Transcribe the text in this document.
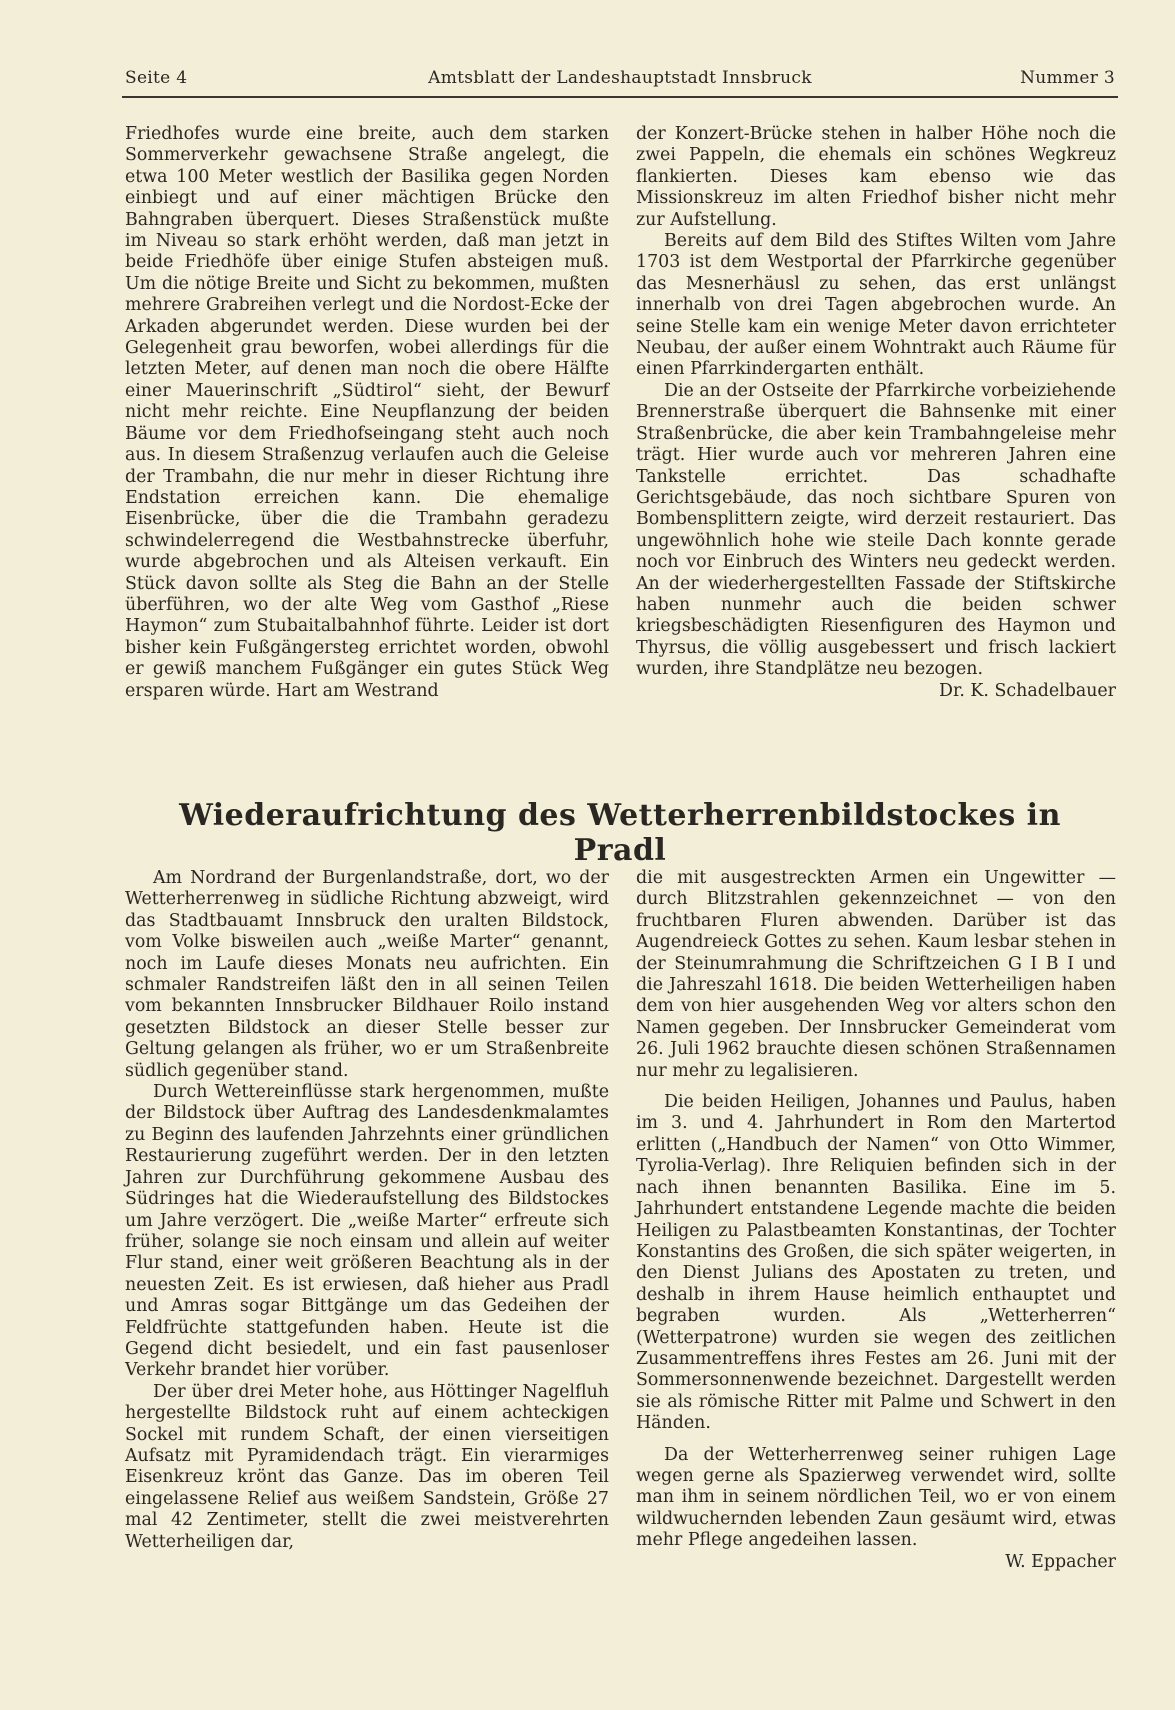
Seite 4	Amtsblatt der Landeshauptstadt Innsbruck	Nummer 3

Friedhofes wurde eine breite, auch dem starken Sommerverkehr gewachsene Straße angelegt, die etwa 100 Meter westlich der Basilika gegen Norden einbiegt und auf einer mächtigen Brücke den Bahngraben überquert. Dieses Straßenstück mußte im Niveau so stark erhöht werden, daß man jetzt in beide Friedhöfe über einige Stufen absteigen muß. Um die nötige Breite und Sicht zu bekommen, mußten mehrere Grabreihen verlegt und die Nordost-Ecke der Arkaden abgerundet werden. Diese wurden bei der Gelegenheit grau beworfen, wobei allerdings für die letzten Meter, auf denen man noch die obere Hälfte einer Mauerinschrift „Südtirol“ sieht, der Bewurf nicht mehr reichte. Eine Neupflanzung der beiden Bäume vor dem Friedhofseingang steht auch noch aus. In diesem Straßenzug verlaufen auch die Geleise der Trambahn, die nur mehr in dieser Richtung ihre Endstation erreichen kann. Die ehemalige Eisenbrücke, über die die Trambahn geradezu schwindelerregend die Westbahnstrecke überfuhr, wurde abgebrochen und als Alteisen verkauft. Ein Stück davon sollte als Steg die Bahn an der Stelle überführen, wo der alte Weg vom Gasthof „Riese Haymon“ zum Stubaitalbahnhof führte. Leider ist dort bisher kein Fußgängersteg errichtet worden, obwohl er gewiß manchem Fußgänger ein gutes Stück Weg ersparen würde. Hart am Westrand

der Konzert-Brücke stehen in halber Höhe noch die zwei Pappeln, die ehemals ein schönes Wegkreuz flankierten. Dieses kam ebenso wie das Missionskreuz im alten Friedhof bisher nicht mehr zur Aufstellung.

Bereits auf dem Bild des Stiftes Wilten vom Jahre 1703 ist dem Westportal der Pfarrkirche gegenüber das Mesnerhäusl zu sehen, das erst unlängst innerhalb von drei Tagen abgebrochen wurde. An seine Stelle kam ein wenige Meter davon errichteter Neubau, der außer einem Wohntrakt auch Räume für einen Pfarrkindergarten enthält.

Die an der Ostseite der Pfarrkirche vorbeiziehende Brennerstraße überquert die Bahnsenke mit einer Straßenbrücke, die aber kein Trambahngeleise mehr trägt. Hier wurde auch vor mehreren Jahren eine Tankstelle errichtet. Das schadhafte Gerichtsgebäude, das noch sichtbare Spuren von Bombensplittern zeigte, wird derzeit restauriert. Das ungewöhnlich hohe wie steile Dach konnte gerade noch vor Einbruch des Winters neu gedeckt werden. An der wiederhergestellten Fassade der Stiftskirche haben nunmehr auch die beiden schwer kriegsbeschädigten Riesenfiguren des Haymon und Thyrsus, die völlig ausgebessert und frisch lackiert wurden, ihre Standplätze neu bezogen.

Dr. K. Schadelbauer

Wiederaufrichtung des Wetterherrenbildstockes in Pradl

Am Nordrand der Burgenlandstraße, dort, wo der Wetterherrenweg in südliche Richtung abzweigt, wird das Stadtbauamt Innsbruck den uralten Bildstock, vom Volke bisweilen auch „weiße Marter“ genannt, noch im Laufe dieses Monats neu aufrichten. Ein schmaler Randstreifen läßt den in all seinen Teilen vom bekannten Innsbrucker Bildhauer Roilo instand gesetzten Bildstock an dieser Stelle besser zur Geltung gelangen als früher, wo er um Straßenbreite südlich gegenüber stand.

Durch Wettereinflüsse stark hergenommen, mußte der Bildstock über Auftrag des Landesdenkmalamtes zu Beginn des laufenden Jahrzehnts einer gründlichen Restaurierung zugeführt werden. Der in den letzten Jahren zur Durchführung gekommene Ausbau des Südringes hat die Wiederaufstellung des Bildstockes um Jahre verzögert. Die „weiße Marter“ erfreute sich früher, solange sie noch einsam und allein auf weiter Flur stand, einer weit größeren Beachtung als in der neuesten Zeit. Es ist erwiesen, daß hieher aus Pradl und Amras sogar Bittgänge um das Gedeihen der Feldfrüchte stattgefunden haben. Heute ist die Gegend dicht besiedelt, und ein fast pausenloser Verkehr brandet hier vorüber.

Der über drei Meter hohe, aus Höttinger Nagelfluh hergestellte Bildstock ruht auf einem achteckigen Sockel mit rundem Schaft, der einen vierseitigen Aufsatz mit Pyramidendach trägt. Ein vierarmiges Eisenkreuz krönt das Ganze. Das im oberen Teil eingelassene Relief aus weißem Sandstein, Größe 27 mal 42 Zentimeter, stellt die zwei meistverehrten Wetterheiligen dar,

die mit ausgestreckten Armen ein Ungewitter — durch Blitzstrahlen gekennzeichnet — von den fruchtbaren Fluren abwenden. Darüber ist das Augendreieck Gottes zu sehen. Kaum lesbar stehen in der Steinumrahmung die Schriftzeichen G I B I und die Jahreszahl 1618. Die beiden Wetterheiligen haben dem von hier ausgehenden Weg vor alters schon den Namen gegeben. Der Innsbrucker Gemeinderat vom 26. Juli 1962 brauchte diesen schönen Straßennamen nur mehr zu legalisieren.

Die beiden Heiligen, Johannes und Paulus, haben im 3. und 4. Jahrhundert in Rom den Martertod erlitten („Handbuch der Namen“ von Otto Wimmer, Tyrolia-Verlag). Ihre Reliquien befinden sich in der nach ihnen benannten Basilika. Eine im 5. Jahrhundert entstandene Legende machte die beiden Heiligen zu Palastbeamten Konstantinas, der Tochter Konstantins des Großen, die sich später weigerten, in den Dienst Julians des Apostaten zu treten, und deshalb in ihrem Hause heimlich enthauptet und begraben wurden. Als „Wetterherren“ (Wetterpatrone) wurden sie wegen des zeitlichen Zusammentreffens ihres Festes am 26. Juni mit der Sommersonnenwende bezeichnet. Dargestellt werden sie als römische Ritter mit Palme und Schwert in den Händen.

Da der Wetterherrenweg seiner ruhigen Lage wegen gerne als Spazierweg verwendet wird, sollte man ihm in seinem nördlichen Teil, wo er von einem wildwuchernden lebenden Zaun gesäumt wird, etwas mehr Pflege angedeihen lassen.

W. Eppacher
